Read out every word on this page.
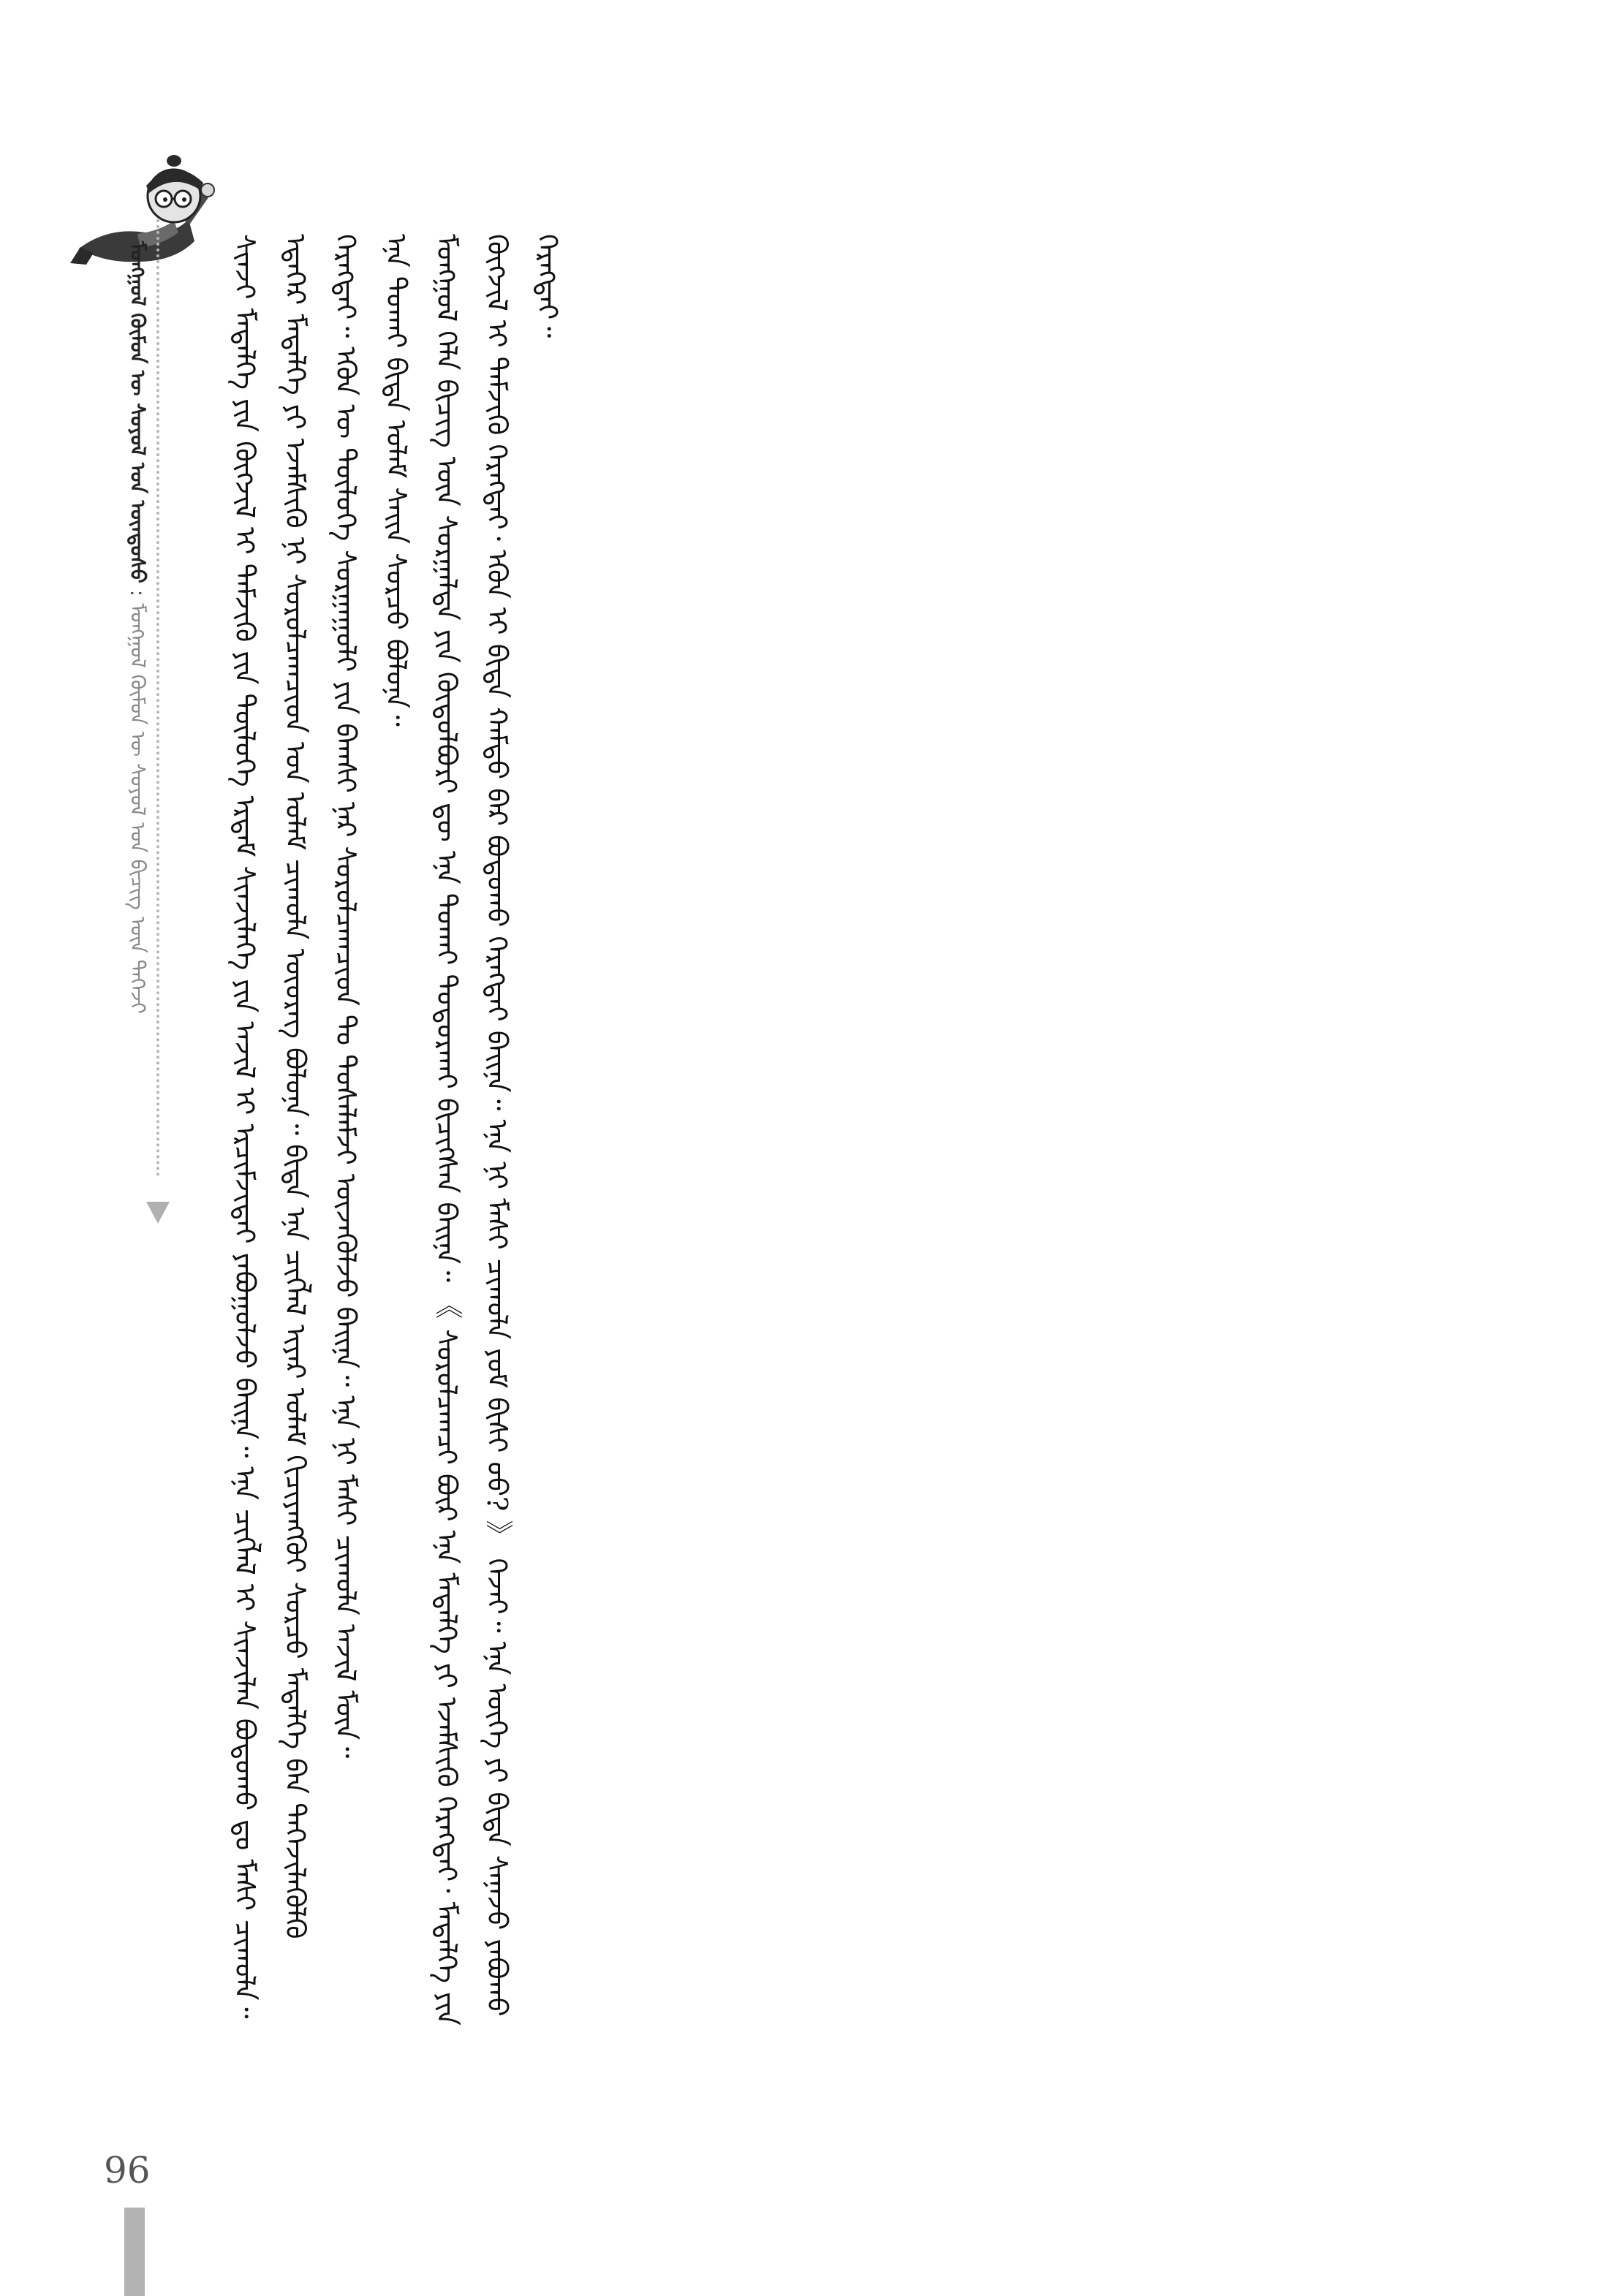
ᠮᠣᠩᠭᠣᠯ ᠬᠦᠮᠦᠨ ᠦ ᠰᠣᠶᠣᠯ ᠤᠨ ᠦᠨᠳᠦᠰᠦ : ᠮᠣᠩᠭᠣᠯ ᠬᠦᠮᠦᠨ ᠦ ᠰᠣᠶᠣᠯ ᠤᠨ ᠪᠢᠴᠢᠭ ᠦᠨ ᠳᠡᠭᠡᠵᠢ	ᠰᠢᠨᠵᠢ ᠮᠡᠳᠡᠯᠭᠡ ᠶᠢᠨ ᠬᠥᠭᠵᠢᠯ ᠢ ᠳᠡᠮᠵᠢᠬᠦ ᠶᠢᠨ ᠲᠥᠯᠥᠭᠡ ᠡᠷᠳᠡᠮ ᠰᠢᠨᠵᠢᠯᠡᠭᠡ ᠶᠢᠨ ᠠᠵᠢᠯ ᠢ ᠡᠷᠴᠢᠮᠵᠢᠲᠡᠢ ᠶᠠᠪᠤᠭᠤᠯᠵᠤ ᠪᠠᠢᠨᠠ᠃ ᠡᠨᠡ ᠴᠢᠭᠯᠡᠯ ᠢ ᠰᠢᠨᠵᠢᠯᠡᠨ ᠪᠣᠳᠣᠬᠤ ᠳᠤ ᠮᠠᠰᠢ ᠴᠢᠬᠤᠯᠠ᠃ ᠡᠳᠡᠭᠡᠷ ᠮᠡᠳᠡᠯᠭᠡ ᠶᠢ ᠡᠵᠡᠮᠰᠢᠬᠦ ᠨᠢ ᠰᠤᠷᠤᠯᠴᠠᠭᠴᠢᠳ ᠤᠨ ᠤᠯᠠᠮ ᠴᠢᠬᠤᠯᠠ ᠦᠦᠷᠡᠭ ᠪᠣᠯᠤᠨᠠ᠃ ᠪᠢᠳᠡ ᠡᠨᠡ ᠴᠢᠭᠯᠡᠯ ᠢᠶᠡᠷ ᠤᠯᠠᠮ ᠬᠢᠴᠢᠶᠡᠩᠭᠦᠢ ᠰᠤᠷᠴᠤ ᠮᠡᠳᠡᠯᠭᠡ ᠪᠡᠨ ᠳᠡᠭᠡᠵᠢᠯᠡᠭᠦᠯᠬᠦ ᠬᠡᠷᠡᠭᠲᠡᠢ᠃ ᠡᠭᠦᠨ ᠦ ᠲᠥᠯᠥᠭᠡ ᠰᠤᠷᠭᠠᠭᠤᠯᠢ ᠶᠢᠨ ᠪᠠᠭᠰᠢ ᠨᠠᠷ ᠰᠤᠷᠤᠯᠴᠠᠭᠴᠢᠳ ᠲᠤ ᠲᠤᠰᠠᠯᠠᠮᠵᠢ ᠦᠵᠡᠭᠦᠯᠵᠦ ᠪᠠᠢᠨᠠ᠃ ᠡᠨᠡ ᠨᠢ ᠮᠠᠰᠢ ᠴᠢᠬᠤᠯᠠ ᠠᠵᠢᠯ ᠮᠥᠨ᠃ ᠡᠨᠡ ᠲᠤᠬᠠᠢ ᠪᠢᠳᠡ ᠤᠯᠠᠮ ᠰᠠᠢᠨ ᠰᠤᠷᠴᠤ ᠪᠣᠯᠤᠨᠠ᠃ ᠮᠣᠩᠭᠣᠯ ᠬᠡᠯᠡ ᠪᠢᠴᠢᠭ ᠦᠨ ᠰᠤᠷᠭᠠᠯᠲᠠ ᠶᠢᠨ ᠬᠥᠲᠦᠯᠪᠦᠷᠢ ᠳᠦ ᠡᠨᠡ ᠲᠤᠬᠠᠢ ᠲᠣᠳᠣᠷᠬᠠᠢ ᠪᠢᠴᠢᠭᠰᠡᠨ ᠪᠠᠢᠨᠠ᠃ 《 ᠰᠤᠷᠤᠯᠴᠠᠭᠴᠢ ᠪᠦᠷ ᠡᠨᠡ ᠮᠡᠳᠡᠯᠭᠡ ᠶᠢ ᠡᠵᠡᠮᠰᠢᠬᠦ ᠬᠡᠷᠡᠭᠲᠡᠢ᠂ ᠮᠡᠳᠡᠯᠭᠡ ᠶᠢᠨ ᠬᠥᠭᠵᠢᠯ ᠢ ᠳᠡᠮᠵᠢᠬᠦ ᠬᠡᠷᠡᠭᠲᠡᠢ᠂ ᠡᠭᠦᠨ ᠢ ᠪᠢᠳᠡ ᠬᠠᠮᠲᠤ ᠪᠡᠷ ᠪᠣᠳᠣᠬᠤ ᠬᠡᠷᠡᠭᠲᠡᠢ ᠪᠠᠢᠨᠠ᠃ ᠡᠨᠡ ᠨᠢ ᠮᠠᠰᠢ ᠴᠢᠬᠤᠯᠠ ᠶᠤᠮ ᠪᠢᠰᠢ ᠤᠤ? 》 ᠬᠡᠵᠡᠢ᠃ ᠡᠨᠡ ᠦᠭᠡ ᠶᠢ ᠪᠢᠳᠡ ᠰᠠᠨᠠᠵᠤ ᠶᠠᠪᠤᠬᠤ ᠬᠡᠷᠡᠭᠲᠡᠢ᠃

96
